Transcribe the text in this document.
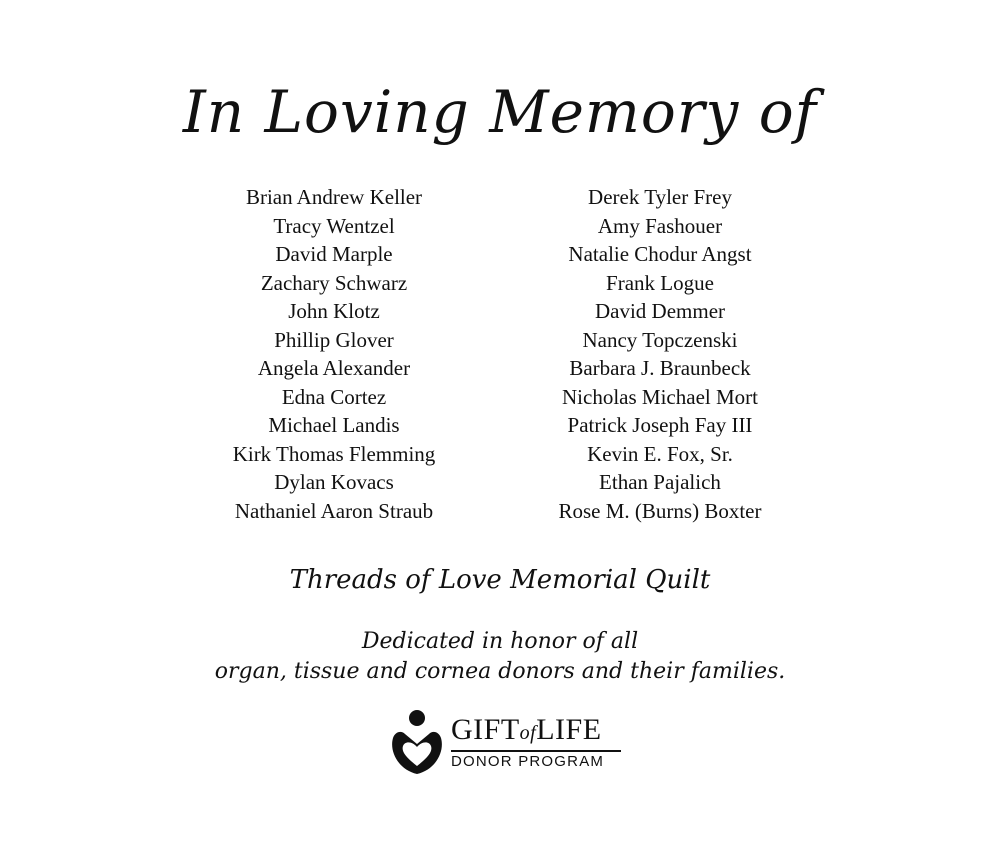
In Loving Memory of
Brian Andrew Keller
Tracy Wentzel
David Marple
Zachary Schwarz
John Klotz
Phillip Glover
Angela Alexander
Edna Cortez
Michael Landis
Kirk Thomas Flemming
Dylan Kovacs
Nathaniel Aaron Straub
Derek Tyler Frey
Amy Fashouer
Natalie Chodur Angst
Frank Logue
David Demmer
Nancy Topczenski
Barbara J. Braunbeck
Nicholas Michael Mort
Patrick Joseph Fay III
Kevin E. Fox, Sr.
Ethan Pajalich
Rose M. (Burns) Boxter
Threads of Love Memorial Quilt
Dedicated in honor of all
organ, tissue and cornea donors and their families.
GIFTofLIFE
DONOR PROGRAM
